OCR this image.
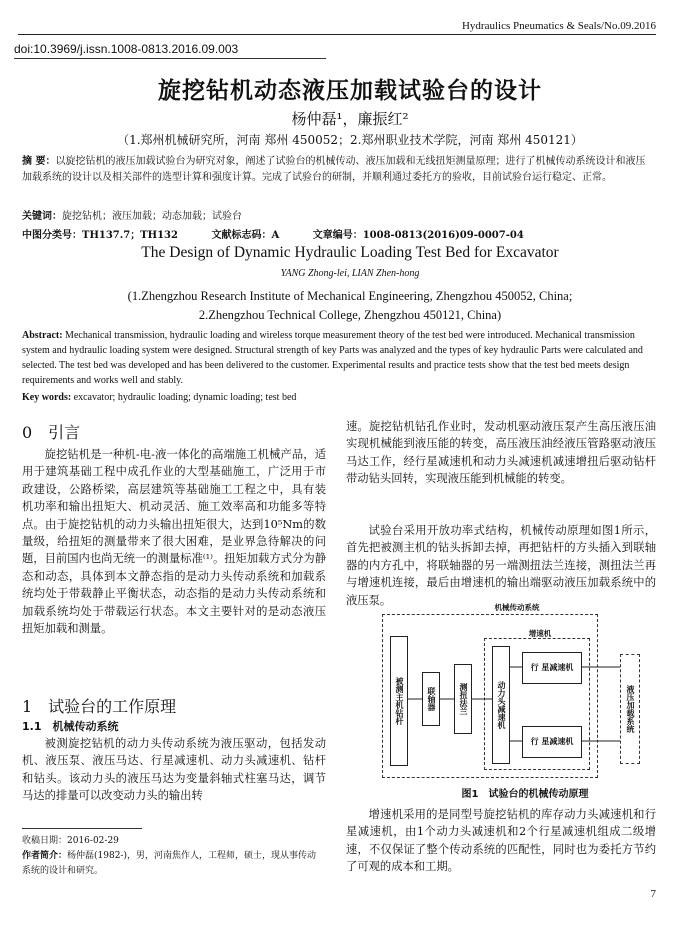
Hydraulics Pneumatics & Seals/No.09.2016
doi:10.3969/j.issn.1008-0813.2016.09.003
旋挖钻机动态液压加载试验台的设计
杨仲磊¹，廉振红²
（1.郑州机械研究所，河南 郑州 450052；2.郑州职业技术学院，河南 郑州 450121）
摘 要：以旋挖钻机的液压加载试验台为研究对象，阐述了试验台的机械传动、液压加载和无线扭矩测量原理；进行了机械传动系统设计和液压加载系统的设计以及相关部件的选型计算和强度计算。完成了试验台的研制，并顺利通过委托方的验收，目前试验台运行稳定、正常。
关键词：旋挖钻机；液压加载；动态加载；试验台
中图分类号：TH137.7；TH132	文献标志码：A	文章编号：1008-0813(2016)09-0007-04
The Design of Dynamic Hydraulic Loading Test Bed for Excavator
YANG Zhong-lei, LIAN Zhen-hong
(1.Zhengzhou Research Institute of Mechanical Engineering, Zhengzhou 450052, China;
2.Zhengzhou Technical College, Zhengzhou 450121, China)
Abstract: Mechanical transmission, hydraulic loading and wireless torque measurement theory of the test bed were introduced. Mechanical transmission system and hydraulic loading system were designed. Structural strength of key Parts was analyzed and the types of key hydraulic Parts were calculated and selected. The test bed was developed and has been delivered to the customer. Experimental results and practice tests show that the test bed meets design requirements and works well and stably.
Key words: excavator; hydraulic loading; dynamic loading; test bed
0　引言
旋挖钻机是一种机-电-液一体化的高端施工机械产品，适用于建筑基础工程中成孔作业的大型基础施工，广泛用于市政建设，公路桥梁，高层建筑等基础施工工程之中，具有装机功率和输出扭矩大、机动灵活、施工效率高和功能多等特点。由于旋挖钻机的动力头输出扭矩很大，达到10⁵Nm的数量级，给扭矩的测量带来了很大困难，是业界急待解决的问题，目前国内也尚无统一的测量标准⁽¹⁾。扭矩加载方式分为静态和动态，具体到本文静态指的是动力头传动系统和加载系统均处于带载静止平衡状态，动态指的是动力头传动系统和加载系统均处于带载运行状态。本文主要针对的是动态液压扭矩加载和测量。
1　试验台的工作原理
1.1　机械传动系统
被测旋挖钻机的动力头传动系统为液压驱动，包括发动机、液压泵、液压马达、行星减速机、动力头减速机、钻杆和钻头。该动力头的液压马达为变量斜轴式柱塞马达，调节马达的排量可以改变动力头的输出转
速。旋挖钻机钻孔作业时，发动机驱动液压泵产生高压液压油实现机械能到液压能的转变，高压液压油经液压管路驱动液压马达工作，经行星减速机和动力头减速机减速增扭后驱动钻杆带动钻头回转，实现液压能到机械能的转变。
试验台采用开放功率式结构，机械传动原理如图1所示，首先把被测主机的钻头拆卸去掉，再把钻杆的方头插入到联轴器的内方孔中，将联轴器的另一端测扭法兰连接，测扭法兰再与增速机连接，最后由增速机的输出端驱动液压加载系统中的液压泵。
机械传动系统
增速机
被测主机钻杆	联轴器	测扭法兰	动力头减速机
行 星减速机
行 星减速机
液压加载系统
图1　试验台的机械传动原理
增速机采用的是同型号旋挖钻机的库存动力头减速机和行星减速机，由1个动力头减速机和2个行星减速机组成二级增速，不仅保证了整个传动系统的匹配性，同时也为委托方节约了可观的成本和工期。
收稿日期：2016-02-29
作者简介：杨仲磊(1982-)，男，河南焦作人，工程师，硕士，现从事传动系统的设计和研究。
7
